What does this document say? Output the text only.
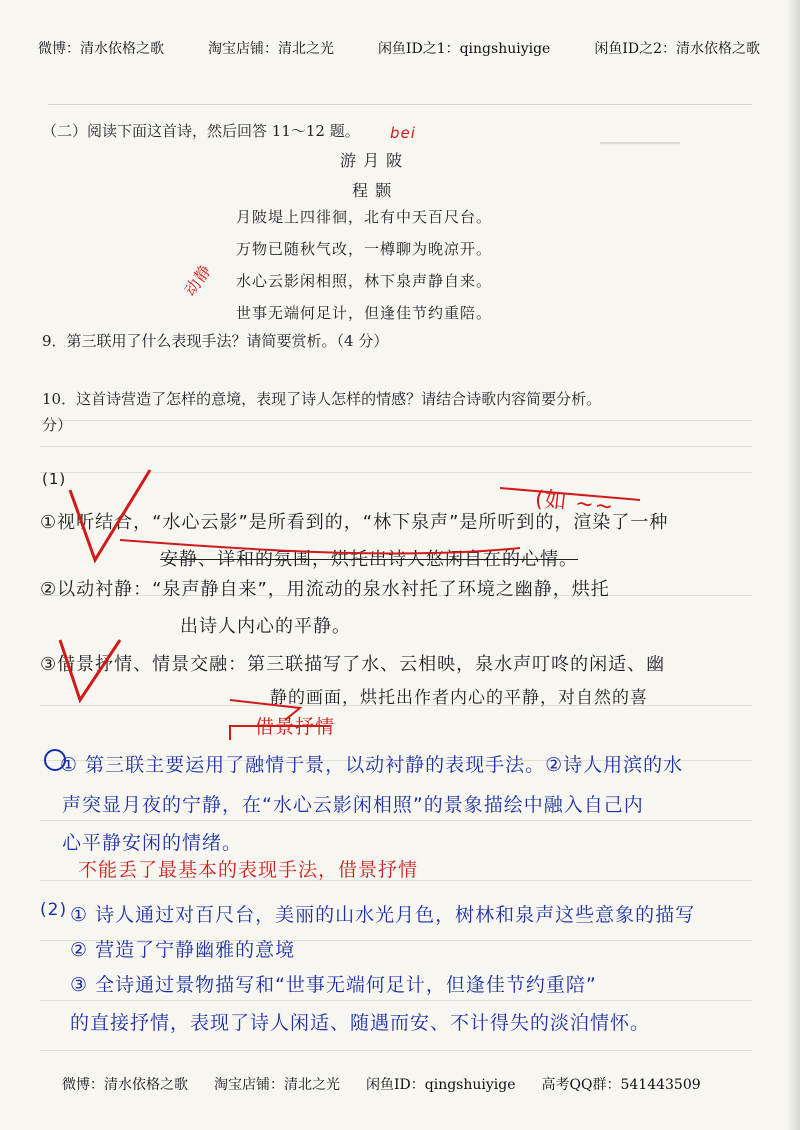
微博：清水依格之歌	淘宝店铺：清北之光	闲鱼ID之1：qingshuiyige	闲鱼ID之2：清水依格之歌
▁▁▁▁▁▁▁▁
（二）阅读下面这首诗，然后回答 11～12 题。
游 月 陂
bei
程 颢
月陂堤上四徘徊，北有中天百尺台。
万物已随秋气改，一樽聊为晚凉开。
水心云影闲相照，林下泉声静自来。
世事无端何足计，但逢佳节约重陪。
动静
9．第三联用了什么表现手法？请简要赏析。（4 分）
10．这首诗营造了怎样的意境，表现了诗人怎样的情感？请结合诗歌内容简要分析。
分）
(1)
①视听结合，“水心云影”是所看到的，“林下泉声”是所听到的，渲染了一种
安静、详和的氛围，烘托出诗人悠闲自在的心情。
②以动衬静：“泉声静自来”，用流动的泉水衬托了环境之幽静，烘托
出诗人内心的平静。
③借景抒情、情景交融：第三联描写了水、云相映，泉水声叮咚的闲适、幽
静的画面，烘托出作者内心的平静，对自然的喜
(如 ~~
借景抒情
① 第三联主要运用了融情于景，以动衬静的表现手法。②诗人用滨的水
声突显月夜的宁静，在“水心云影闲相照”的景象描绘中融入自己内
心平静安闲的情绪。
不能丢了最基本的表现手法，借景抒情
(2) ① 诗人通过对百尺台，美丽的山水光月色，树林和泉声这些意象的描写
② 营造了宁静幽雅的意境
③ 全诗通过景物描写和“世事无端何足计，但逢佳节约重陪”
的直接抒情，表现了诗人闲适、随遇而安、不计得失的淡泊情怀。
微博：清水依格之歌 淘宝店铺：清北之光 闲鱼ID：qingshuiyige 高考QQ群：541443509
